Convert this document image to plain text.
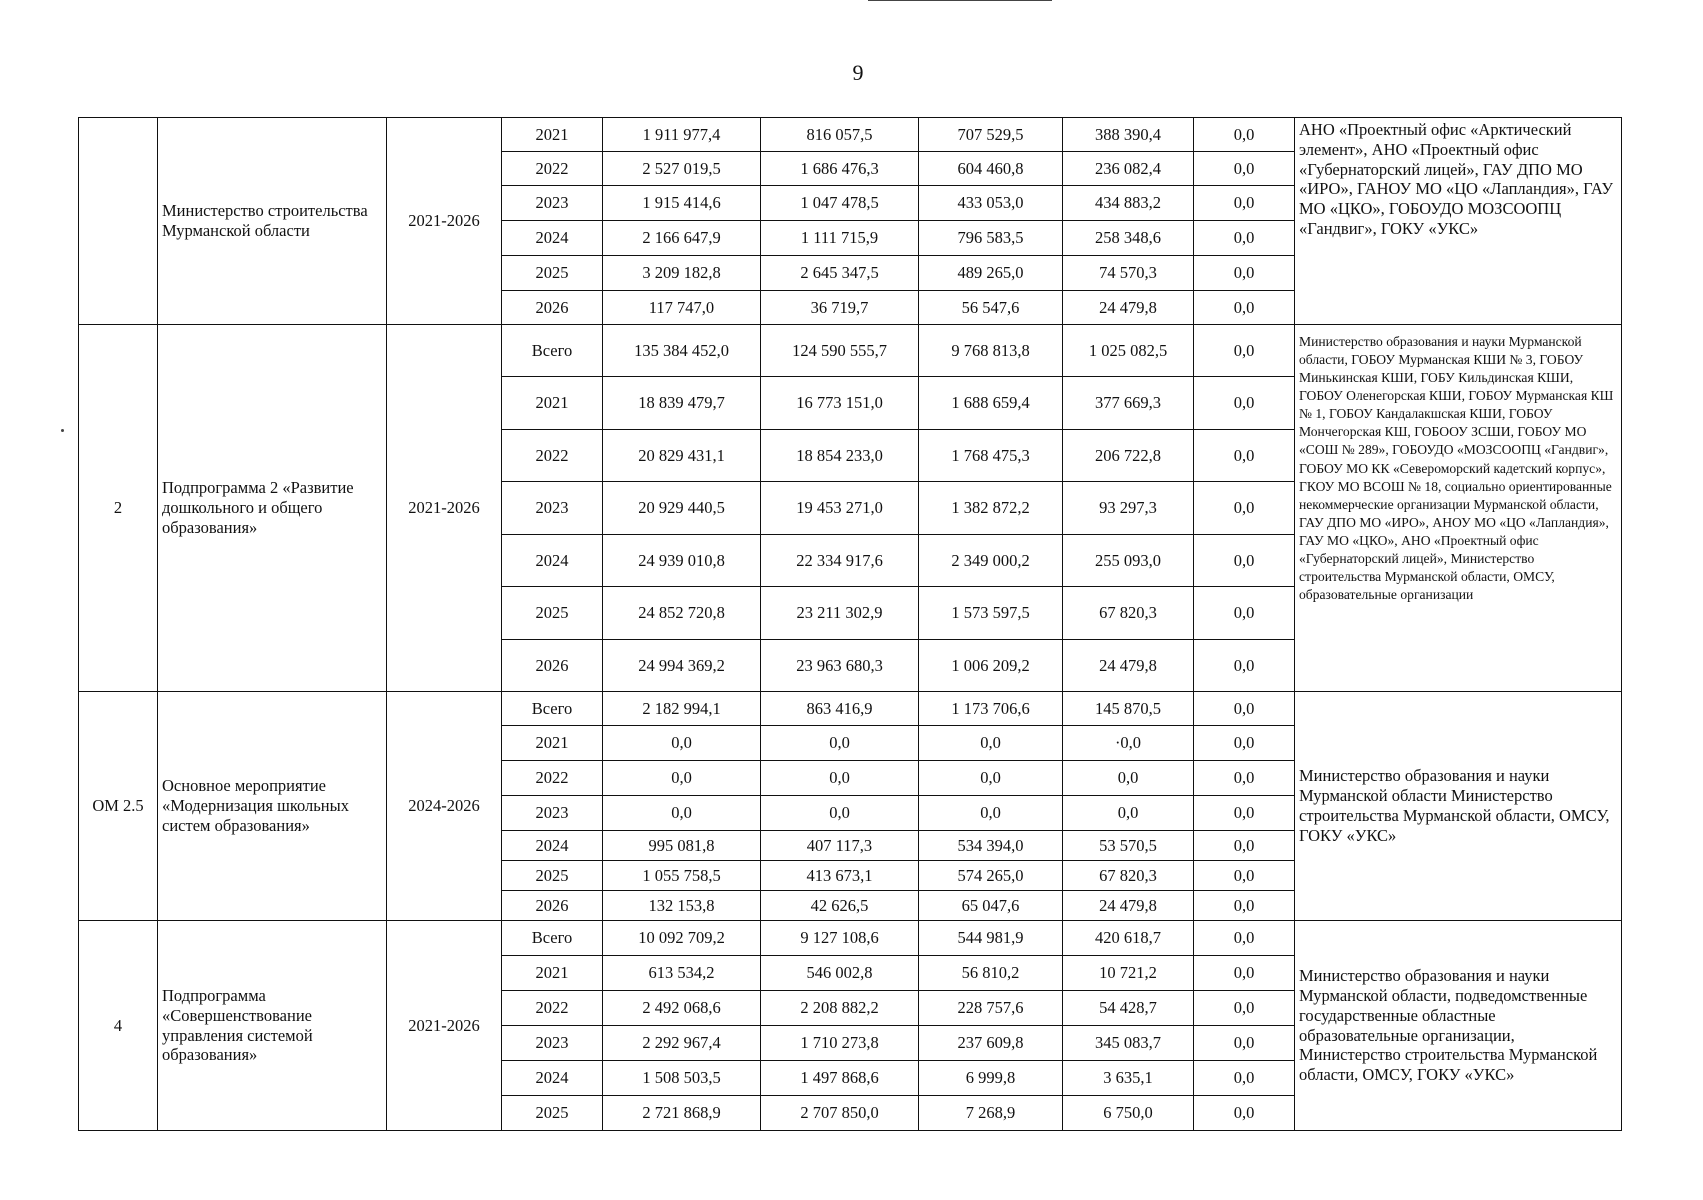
9
	Министерство строительства Мурманской области	2021-2026	2021	1 911 977,4	816 057,5	707 529,5	388 390,4	0,0	АНО «Проектный офис «Арктический элемент», АНО «Проектный офис «Губернаторский лицей», ГАУ ДПО МО «ИРО», ГАНОУ МО «ЦО «Лапландия», ГАУ МО «ЦКО», ГОБОУДО МОЗСООПЦ «Гандвиг», ГОКУ «УКС»
			2022	2 527 019,5	1 686 476,3	604 460,8	236 082,4	0,0	
			2023	1 915 414,6	1 047 478,5	433 053,0	434 883,2	0,0	
			2024	2 166 647,9	1 111 715,9	796 583,5	258 348,6	0,0	
			2025	3 209 182,8	2 645 347,5	489 265,0	74 570,3	0,0	
			2026	117 747,0	36 719,7	56 547,6	24 479,8	0,0	
2	Подпрограмма 2 «Развитие дошкольного и общего образования»	2021-2026	Всего	135 384 452,0	124 590 555,7	9 768 813,8	1 025 082,5	0,0	Министерство образования и науки Мурманской области, ГОБОУ Мурманская КШИ № 3, ГОБОУ Минькинская КШИ, ГОБУ Кильдинская КШИ, ГОБОУ Оленегорская КШИ, ГОБОУ Мурманская КШ № 1, ГОБОУ Кандалакшская КШИ, ГОБОУ Мончегорская КШ, ГОБООУ ЗСШИ, ГОБОУ МО «СОШ № 289», ГОБОУДО «МОЗСООПЦ «Гандвиг», ГОБОУ МО КК «Североморский кадетский корпус», ГКОУ МО ВСОШ № 18, социально ориентированные некоммерческие организации Мурманской области, ГАУ ДПО МО «ИРО», АНОУ МО «ЦО «Лапландия», ГАУ МО «ЦКО», АНО «Проектный офис «Губернаторский лицей», Министерство строительства Мурманской области, ОМСУ, образовательные организации
			2021	18 839 479,7	16 773 151,0	1 688 659,4	377 669,3	0,0	
			2022	20 829 431,1	18 854 233,0	1 768 475,3	206 722,8	0,0	
			2023	20 929 440,5	19 453 271,0	1 382 872,2	93 297,3	0,0	
			2024	24 939 010,8	22 334 917,6	2 349 000,2	255 093,0	0,0	
			2025	24 852 720,8	23 211 302,9	1 573 597,5	67 820,3	0,0	
			2026	24 994 369,2	23 963 680,3	1 006 209,2	24 479,8	0,0	
ОМ 2.5	Основное мероприятие «Модернизация школьных систем образования»	2024-2026	Всего	2 182 994,1	863 416,9	1 173 706,6	145 870,5	0,0	Министерство образования и науки Мурманской области Министерство строительства Мурманской области, ОМСУ, ГОКУ «УКС»
			2021	0,0	0,0	0,0	·0,0	0,0	
			2022	0,0	0,0	0,0	0,0	0,0	
			2023	0,0	0,0	0,0	0,0	0,0	
			2024	995 081,8	407 117,3	534 394,0	53 570,5	0,0	
			2025	1 055 758,5	413 673,1	574 265,0	67 820,3	0,0	
			2026	132 153,8	42 626,5	65 047,6	24 479,8	0,0	
4	Подпрограмма «Совершенствование управления системой образования»	2021-2026	Всего	10 092 709,2	9 127 108,6	544 981,9	420 618,7	0,0	Министерство образования и науки Мурманской области, подведомственные государственные областные образовательные организации, Министерство строительства Мурманской области, ОМСУ, ГОКУ «УКС»
			2021	613 534,2	546 002,8	56 810,2	10 721,2	0,0	
			2022	2 492 068,6	2 208 882,2	228 757,6	54 428,7	0,0	
			2023	2 292 967,4	1 710 273,8	237 609,8	345 083,7	0,0	
			2024	1 508 503,5	1 497 868,6	6 999,8	3 635,1	0,0	
			2025	2 721 868,9	2 707 850,0	7 268,9	6 750,0	0,0	
